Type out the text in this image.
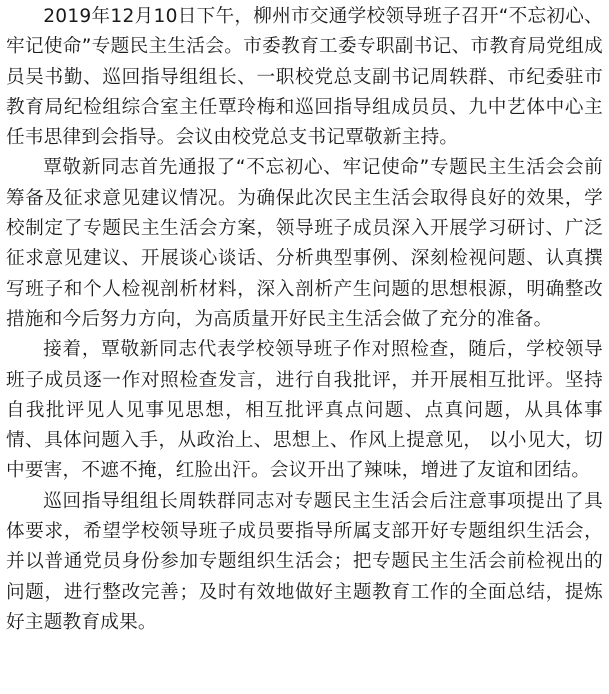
2019年12月10日下午，柳州市交通学校领导班子召开“不忘初心、牢记使命”专题民主生活会。市委教育工委专职副书记、市教育局党组成员吴书勤、巡回指导组组长、一职校党总支副书记周轶群、市纪委驻市教育局纪检组综合室主任覃玲梅和巡回指导组成员员、九中艺体中心主任韦思律到会指导。会议由校党总支书记覃敬新主持。

覃敬新同志首先通报了“不忘初心、牢记使命”专题民主生活会会前筹备及征求意见建议情况。为确保此次民主生活会取得良好的效果，学校制定了专题民主生活会方案，领导班子成员深入开展学习研讨、广泛征求意见建议、开展谈心谈话、分析典型事例、深刻检视问题、认真撰写班子和个人检视剖析材料，深入剖析产生问题的思想根源，明确整改措施和今后努力方向，为高质量开好民主生活会做了充分的准备。

接着，覃敬新同志代表学校领导班子作对照检查，随后，学校领导班子成员逐一作对照检查发言，进行自我批评，并开展相互批评。坚持自我批评见人见事见思想，相互批评真点问题、点真问题，从具体事情、具体问题入手，从政治上、思想上、作风上提意见， 以小见大，切中要害，不遮不掩，红脸出汗。会议开出了辣味，增进了友谊和团结。

巡回指导组组长周轶群同志对专题民主生活会后注意事项提出了具体要求，希望学校领导班子成员要指导所属支部开好专题组织生活会，并以普通党员身份参加专题组织生活会；把专题民主生活会前检视出的问题，进行整改完善；及时有效地做好主题教育工作的全面总结，提炼好主题教育成果。
